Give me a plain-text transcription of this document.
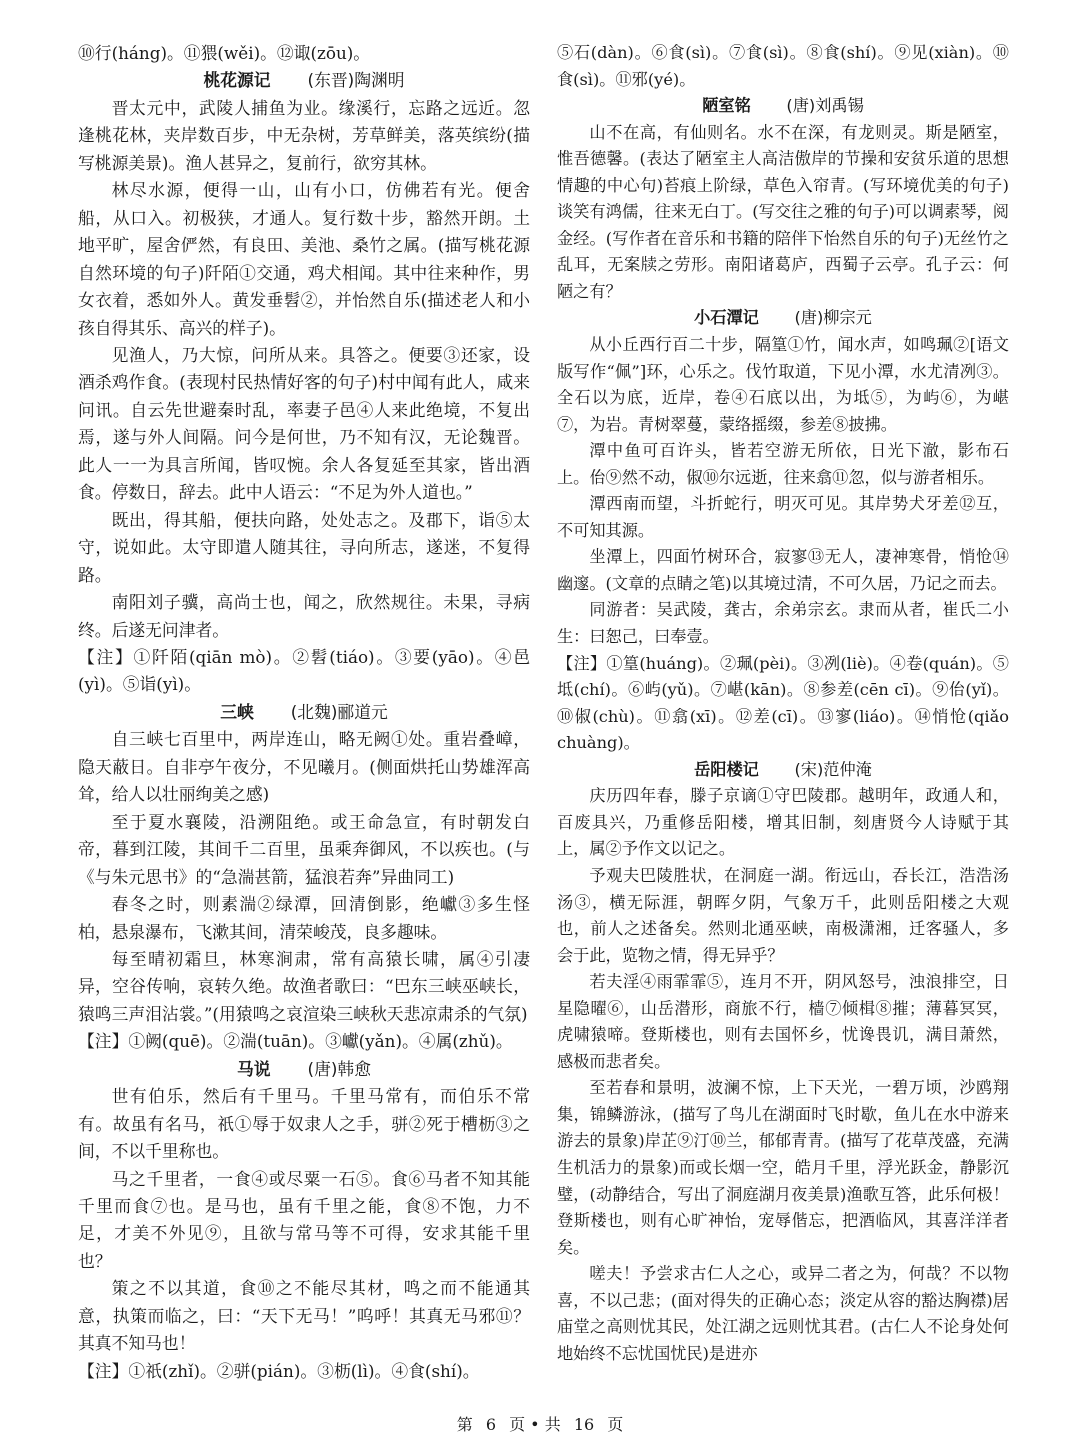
⑩行(háng)。⑪猥(wěi)。⑫诹(zōu)。

桃花源记 (东晋)陶渊明

晋太元中，武陵人捕鱼为业。缘溪行，忘路之远近。忽逢桃花林，夹岸数百步，中无杂树，芳草鲜美，落英缤纷(描写桃源美景)。渔人甚异之，复前行，欲穷其林。

林尽水源，便得一山，山有小口，仿佛若有光。便舍船，从口入。初极狭，才通人。复行数十步，豁然开朗。土地平旷，屋舍俨然，有良田、美池、桑竹之属。(描写桃花源自然环境的句子)阡陌①交通，鸡犬相闻。其中往来种作，男女衣着，悉如外人。黄发垂髫②，并怡然自乐(描述老人和小孩自得其乐、高兴的样子)。

见渔人，乃大惊，问所从来。具答之。便要③还家，设酒杀鸡作食。(表现村民热情好客的句子)村中闻有此人，咸来问讯。自云先世避秦时乱，率妻子邑④人来此绝境，不复出焉，遂与外人间隔。问今是何世，乃不知有汉，无论魏晋。此人一一为具言所闻，皆叹惋。余人各复延至其家，皆出酒食。停数日，辞去。此中人语云：“不足为外人道也。”

既出，得其船，便扶向路，处处志之。及郡下，诣⑤太守，说如此。太守即遣人随其往，寻向所志，遂迷，不复得路。

南阳刘子骥，高尚士也，闻之，欣然规往。未果，寻病终。后遂无问津者。

【注】①阡陌(qiān mò)。②髫(tiáo)。③要(yāo)。④邑(yì)。⑤诣(yì)。

三峡 (北魏)郦道元

自三峡七百里中，两岸连山，略无阙①处。重岩叠嶂，隐天蔽日。自非亭午夜分，不见曦月。(侧面烘托山势雄浑高耸，给人以壮丽绚美之感)

至于夏水襄陵，沿溯阻绝。或王命急宣，有时朝发白帝，暮到江陵，其间千二百里，虽乘奔御风，不以疾也。(与《与朱元思书》的“急湍甚箭，猛浪若奔”异曲同工)

春冬之时，则素湍②绿潭，回清倒影，绝巘③多生怪柏，悬泉瀑布，飞漱其间，清荣峻茂，良多趣味。

每至晴初霜旦，林寒涧肃，常有高猿长啸，属④引凄异，空谷传响，哀转久绝。故渔者歌曰：“巴东三峡巫峡长，猿鸣三声泪沾裳。”(用猿鸣之哀渲染三峡秋天悲凉肃杀的气氛)

【注】①阙(quē)。②湍(tuān)。③巘(yǎn)。④属(zhǔ)。

马说 (唐)韩愈

世有伯乐，然后有千里马。千里马常有，而伯乐不常有。故虽有名马，祇①辱于奴隶人之手，骈②死于槽枥③之间，不以千里称也。

马之千里者，一食④或尽粟一石⑤。食⑥马者不知其能千里而食⑦也。是马也，虽有千里之能，食⑧不饱，力不足，才美不外见⑨，且欲与常马等不可得，安求其能千里也？

策之不以其道，食⑩之不能尽其材，鸣之而不能通其意，执策而临之，曰：“天下无马！”呜呼！其真无马邪⑪？其真不知马也！

【注】①祇(zhǐ)。②骈(pián)。③枥(lì)。④食(shí)。

⑤石(dàn)。⑥食(sì)。⑦食(sì)。⑧食(shí)。⑨见(xiàn)。⑩食(sì)。⑪邪(yé)。

陋室铭 (唐)刘禹锡

山不在高，有仙则名。水不在深，有龙则灵。斯是陋室，惟吾德馨。(表达了陋室主人高洁傲岸的节操和安贫乐道的思想情趣的中心句)苔痕上阶绿，草色入帘青。(写环境优美的句子)谈笑有鸿儒，往来无白丁。(写交往之雅的句子)可以调素琴，阅金经。(写作者在音乐和书籍的陪伴下怡然自乐的句子)无丝竹之乱耳，无案牍之劳形。南阳诸葛庐，西蜀子云亭。孔子云：何陋之有？

小石潭记 (唐)柳宗元

从小丘西行百二十步，隔篁①竹，闻水声，如鸣珮②[语文版写作“佩”]环，心乐之。伐竹取道，下见小潭，水尤清冽③。全石以为底，近岸，卷④石底以出，为坻⑤，为屿⑥，为嵁⑦，为岩。青树翠蔓，蒙络摇缀，参差⑧披拂。

潭中鱼可百许头，皆若空游无所依，日光下澈，影布石上。佁⑨然不动，俶⑩尔远逝，往来翕⑪忽，似与游者相乐。

潭西南而望，斗折蛇行，明灭可见。其岸势犬牙差⑫互，不可知其源。

坐潭上，四面竹树环合，寂寥⑬无人，凄神寒骨，悄怆⑭幽邃。(文章的点睛之笔)以其境过清，不可久居，乃记之而去。

同游者：吴武陵，龚古，余弟宗玄。隶而从者，崔氏二小生：曰恕己，曰奉壹。

【注】①篁(huáng)。②珮(pèi)。③冽(liè)。④卷(quán)。⑤坻(chí)。⑥屿(yǔ)。⑦嵁(kān)。⑧参差(cēn cī)。⑨佁(yǐ)。⑩俶(chù)。⑪翕(xī)。⑫差(cī)。⑬寥(liáo)。⑭悄怆(qiǎo chuàng)。

岳阳楼记 (宋)范仲淹

庆历四年春，滕子京谪①守巴陵郡。越明年，政通人和，百废具兴，乃重修岳阳楼，增其旧制，刻唐贤今人诗赋于其上，属②予作文以记之。

予观夫巴陵胜状，在洞庭一湖。衔远山，吞长江，浩浩汤汤③，横无际涯，朝晖夕阴，气象万千，此则岳阳楼之大观也，前人之述备矣。然则北通巫峡，南极潇湘，迁客骚人，多会于此，览物之情，得无异乎？

若夫淫④雨霏霏⑤，连月不开，阴风怒号，浊浪排空，日星隐曜⑥，山岳潜形，商旅不行，樯⑦倾楫⑧摧；薄暮冥冥，虎啸猿啼。登斯楼也，则有去国怀乡，忧谗畏讥，满目萧然，感极而悲者矣。

至若春和景明，波澜不惊，上下天光，一碧万顷，沙鸥翔集，锦鳞游泳，(描写了鸟儿在湖面时飞时歇，鱼儿在水中游来游去的景象)岸芷⑨汀⑩兰，郁郁青青。(描写了花草茂盛，充满生机活力的景象)而或长烟一空，皓月千里，浮光跃金，静影沉璧，(动静结合，写出了洞庭湖月夜美景)渔歌互答，此乐何极！登斯楼也，则有心旷神怡，宠辱偕忘，把酒临风，其喜洋洋者矣。

嗟夫！予尝求古仁人之心，或异二者之为，何哉？不以物喜，不以己悲；(面对得失的正确心态；淡定从容的豁达胸襟)居庙堂之高则忧其民，处江湖之远则忧其君。(古仁人不论身处何地始终不忘忧国忧民)是进亦

第 6 页 • 共 16 页
